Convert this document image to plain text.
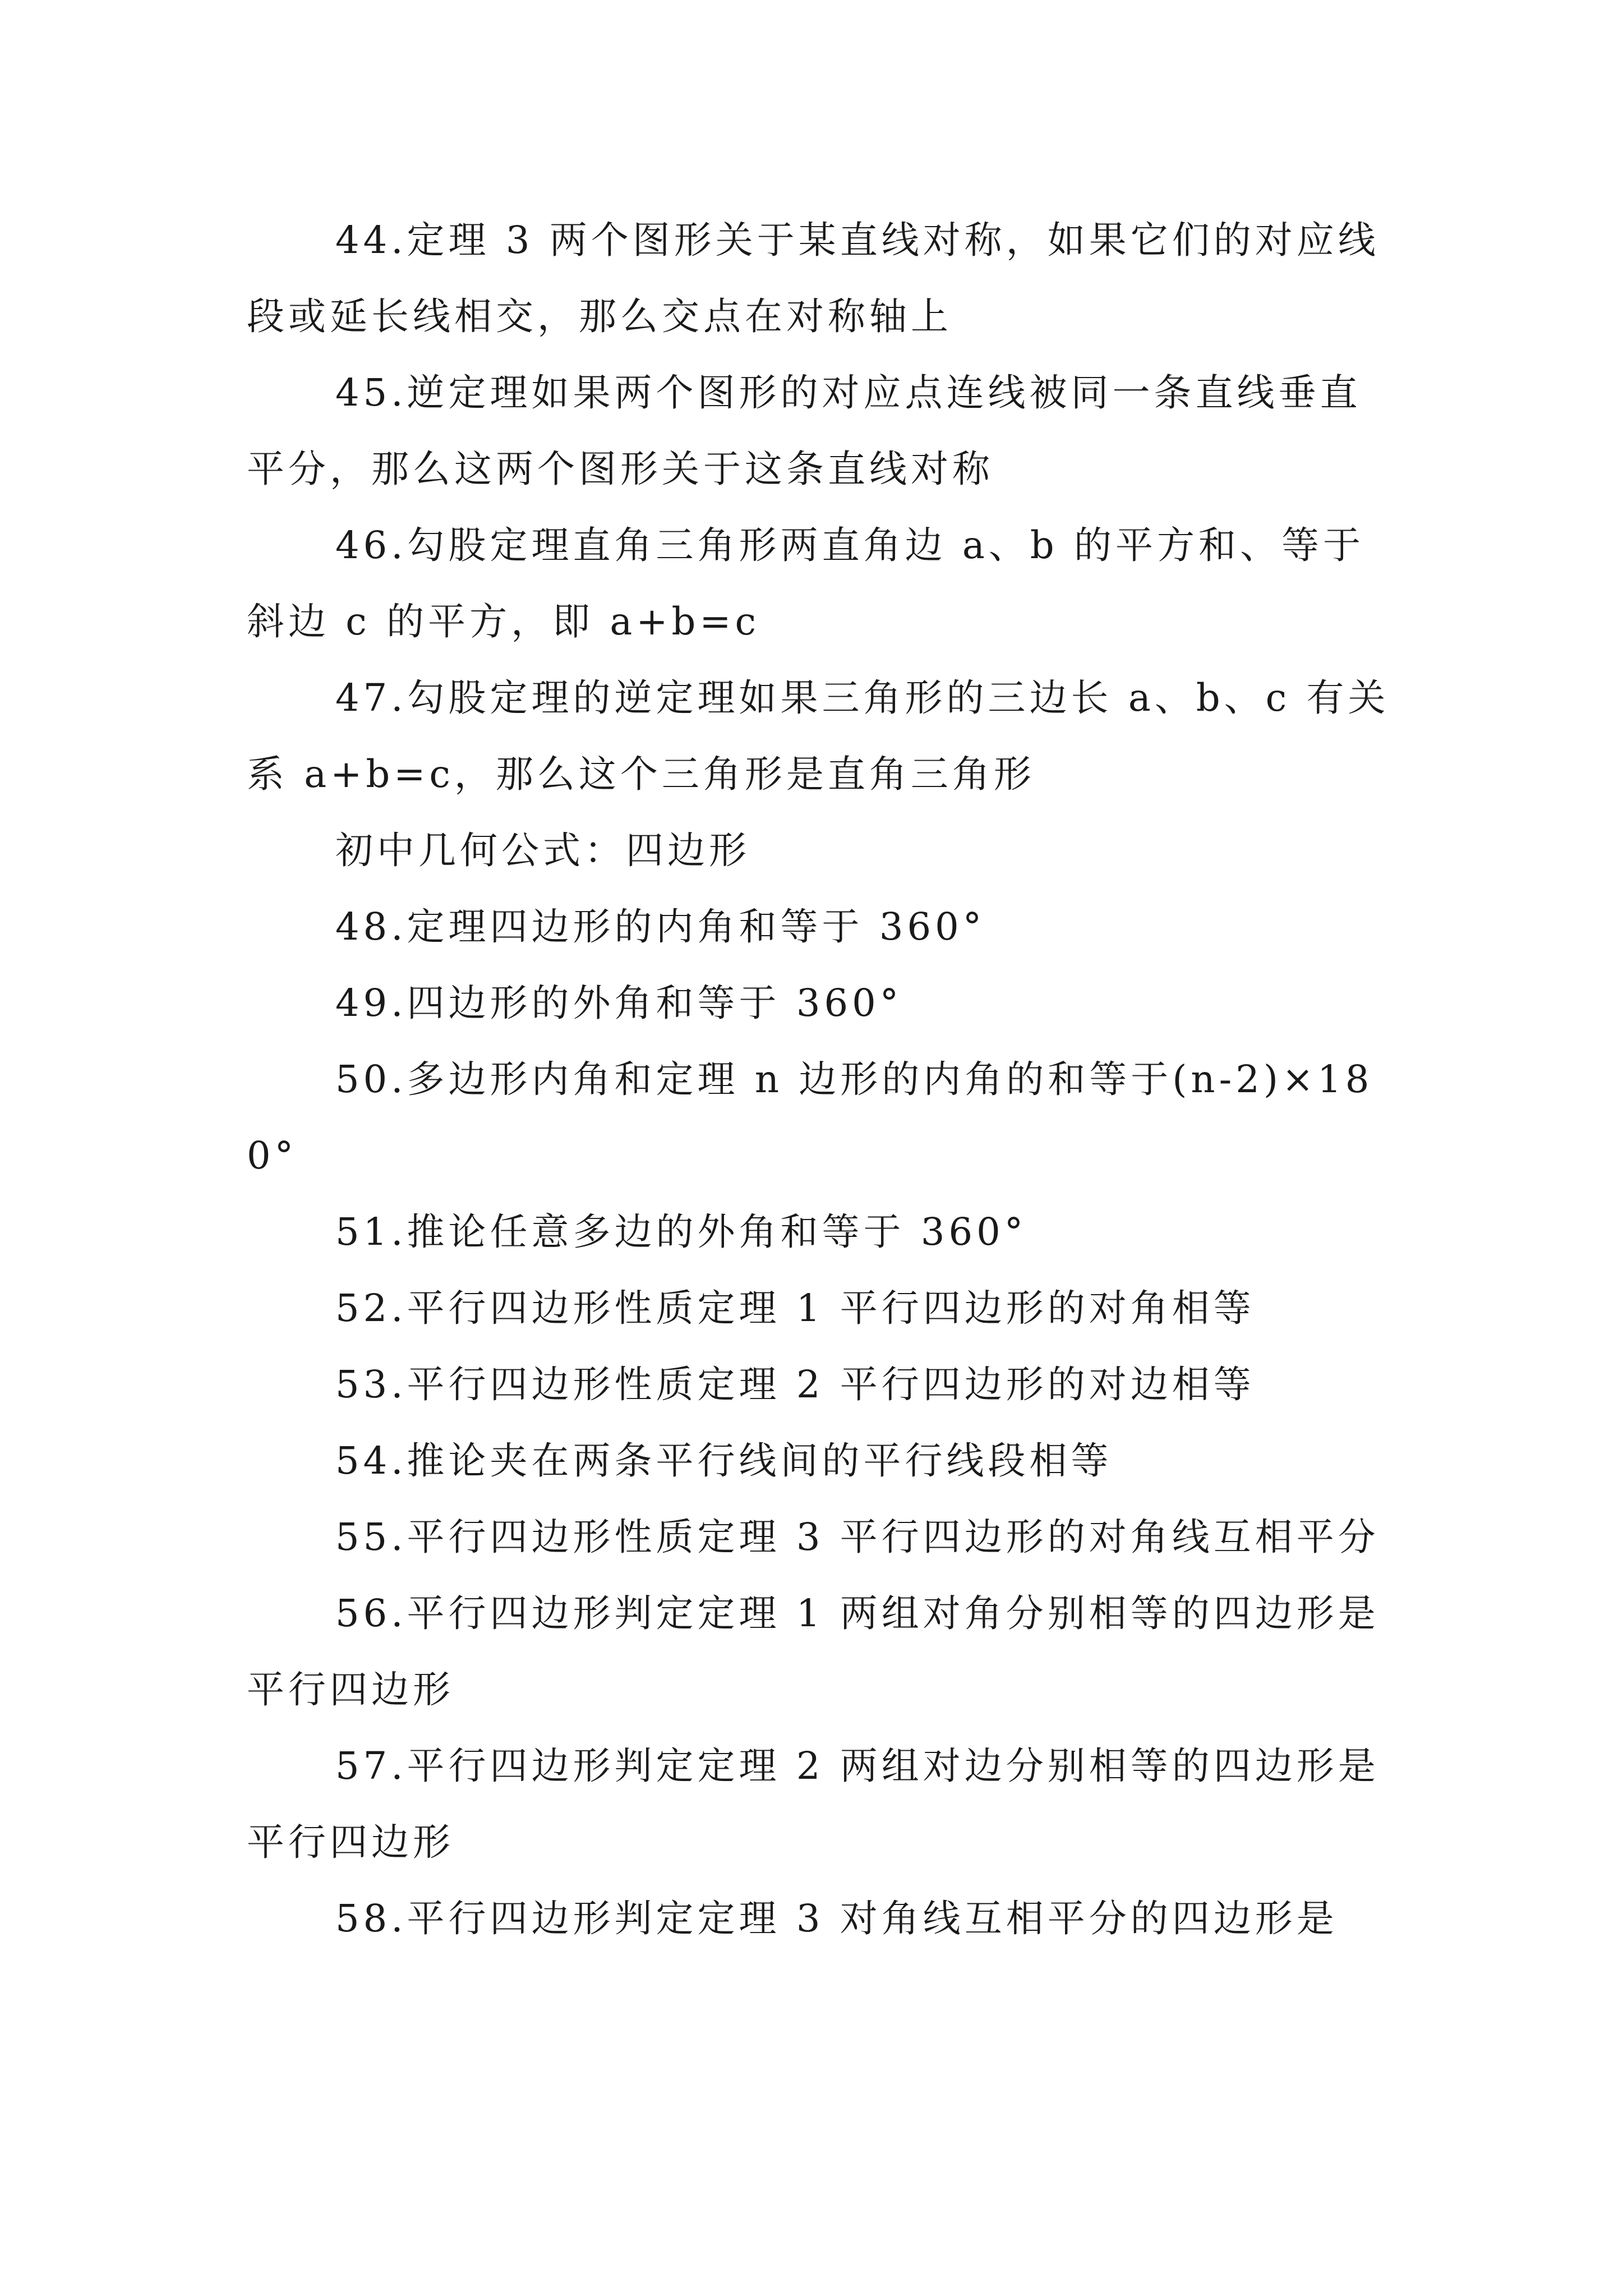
44.定理 3 两个图形关于某直线对称，如果它们的对应线段或延长线相交，那么交点在对称轴上

45.逆定理如果两个图形的对应点连线被同一条直线垂直平分，那么这两个图形关于这条直线对称

46.勾股定理直角三角形两直角边 a、b 的平方和、等于斜边 c 的平方，即 a+b=c

47.勾股定理的逆定理如果三角形的三边长 a、b、c 有关系 a+b=c，那么这个三角形是直角三角形

初中几何公式：四边形

48.定理四边形的内角和等于 360°

49.四边形的外角和等于 360°

50.多边形内角和定理 n 边形的内角的和等于(n-2)×180°

51.推论任意多边的外角和等于 360°

52.平行四边形性质定理 1 平行四边形的对角相等

53.平行四边形性质定理 2 平行四边形的对边相等

54.推论夹在两条平行线间的平行线段相等

55.平行四边形性质定理 3 平行四边形的对角线互相平分

56.平行四边形判定定理 1 两组对角分别相等的四边形是平行四边形

57.平行四边形判定定理 2 两组对边分别相等的四边形是平行四边形

58.平行四边形判定定理 3 对角线互相平分的四边形是
